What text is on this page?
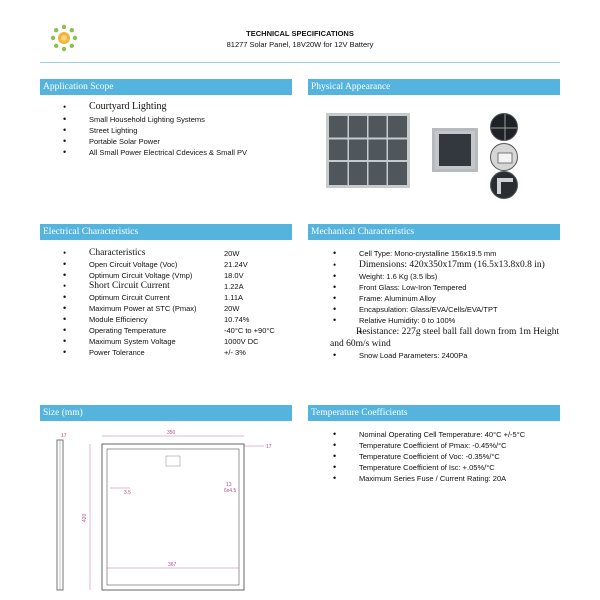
TECHNICAL SPECIFICATIONS
81277 Solar Panel, 18V20W for 12V Battery
Application Scope
• Courtyard Lighting
• Small Household Lighting Systems
• Street Lighting
• Portable Solar Power
• All Small Power Electrical Cdevices & Small PV
Physical Appearance
Electrical Characteristics
• Characteristics	20W
• Open Circuit Voltage (Voc)	21.24V
• Optimum Circuit Voltage (Vmp)	18.0V
• Short Circuit Current	1.22A
• Optimum Circuit Current	1.11A
• Maximum Power at STC (Pmax)	20W
• Module Efficiency	10.74%
• Operating Temperature	-40°C to +90°C
• Maximum System Voltage	1000V DC
• Power Tolerance	+/- 3%
Mechanical Characteristics
• Cell Type: Mono-crystalline 156x19.5 mm
• Dimensions: 420x350x17mm (16.5x13.8x0.8 in)
• Weight: 1.6 Kg (3.5 lbs)
• Front Glass: Low-Iron Tempered
• Frame: Aluminum Alloy
• Encapsulation: Glass/EVA/Cells/EVA/TPT
• Relative Humidity: 0 to 100%
• Resistance: 227g steel ball fall down from 1m Height and 60m/s wind
• Snow Load Parameters: 2400Pa
Size (mm)
350
17
17
420
3.5
367
13
6x4.5
Temperature Coefficients
• Nominal Operating Cell Temperature: 40°C +/-5°C
• Temperature Coefficient of Pmax: -0.45%/°C
• Temperature Coefficient of Voc: -0.35%/°C
• Temperature Coefficient of Isc: +.05%/°C
• Maximum Series Fuse / Current Rating: 20A
